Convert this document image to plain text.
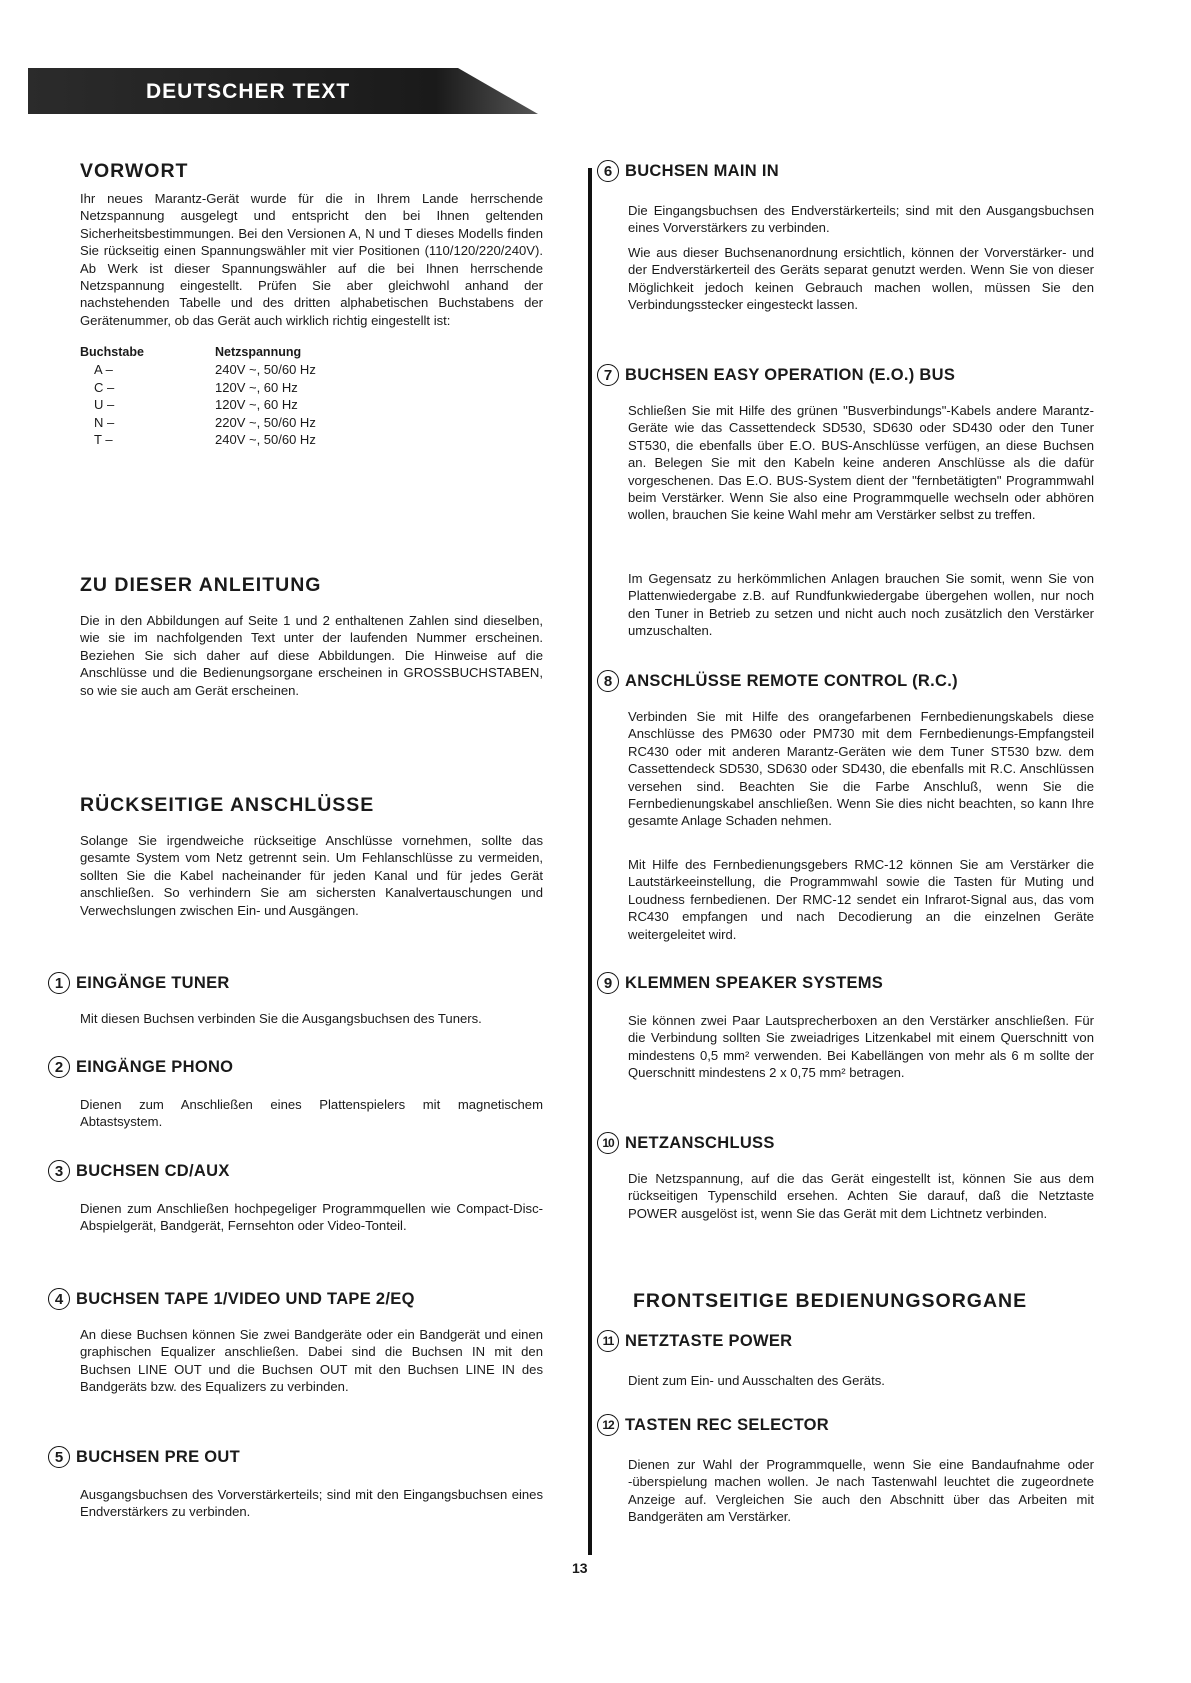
DEUTSCHER TEXT
VORWORT

Ihr neues Marantz-Gerät wurde für die in Ihrem Lande herrschende Netzspannung ausgelegt und entspricht den bei Ihnen geltenden Sicherheitsbestimmungen. Bei den Versionen A, N und T dieses Modells finden Sie rückseitig einen Spannungswähler mit vier Positionen (110/120/220/240V). Ab Werk ist dieser Spannungswähler auf die bei Ihnen herrschende Netzspannung eingestellt. Prüfen Sie aber gleichwohl anhand der nachstehenden Tabelle und des dritten alphabetischen Buchstabens der Gerätenummer, ob das Gerät auch wirklich richtig eingestellt ist:

Buchstabe	Netzspannung
A –	240V ~, 50/60 Hz
C –	120V ~, 60 Hz
U –	120V ~, 60 Hz
N –	220V ~, 50/60 Hz
T –	240V ~, 50/60 Hz
ZU DIESER ANLEITUNG

Die in den Abbildungen auf Seite 1 und 2 enthaltenen Zahlen sind dieselben, wie sie im nachfolgenden Text unter der laufenden Nummer erscheinen. Beziehen Sie sich daher auf diese Abbildungen. Die Hinweise auf die Anschlüsse und die Bedienungsorgane erscheinen in GROSSBUCHSTABEN, so wie sie auch am Gerät erscheinen.

RÜCKSEITIGE ANSCHLÜSSE

Solange Sie irgendweiche rückseitige Anschlüsse vornehmen, sollte das gesamte System vom Netz getrennt sein. Um Fehlanschlüsse zu vermeiden, sollten Sie die Kabel nacheinander für jeden Kanal und für jedes Gerät anschließen. So verhindern Sie am sichersten Kanalvertauschungen und Verwechslungen zwischen Ein- und Ausgängen.

1 EINGÄNGE TUNER

Mit diesen Buchsen verbinden Sie die Ausgangsbuchsen des Tuners.

2 EINGÄNGE PHONO

Dienen zum Anschließen eines Plattenspielers mit magnetischem Abtastsystem.

3 BUCHSEN CD/AUX

Dienen zum Anschließen hochpegeliger Programmquellen wie Compact-Disc-Abspielgerät, Bandgerät, Fernsehton oder Video-Tonteil.

4 BUCHSEN TAPE 1/VIDEO UND TAPE 2/EQ

An diese Buchsen können Sie zwei Bandgeräte oder ein Bandgerät und einen graphischen Equalizer anschließen. Dabei sind die Buchsen IN mit den Buchsen LINE OUT und die Buchsen OUT mit den Buchsen LINE IN des Bandgeräts bzw. des Equalizers zu verbinden.

5 BUCHSEN PRE OUT

Ausgangsbuchsen des Vorverstärkerteils; sind mit den Eingangsbuchsen eines Endverstärkers zu verbinden.

6 BUCHSEN MAIN IN

Die Eingangsbuchsen des Endverstärkerteils; sind mit den Ausgangsbuchsen eines Vorverstärkers zu verbinden.

Wie aus dieser Buchsenanordnung ersichtlich, können der Vorverstärker- und der Endverstärkerteil des Geräts separat genutzt werden. Wenn Sie von dieser Möglichkeit jedoch keinen Gebrauch machen wollen, müssen Sie den Verbindungsstecker eingesteckt lassen.

7 BUCHSEN EASY OPERATION (E.O.) BUS

Schließen Sie mit Hilfe des grünen "Busverbindungs"-Kabels andere Marantz-Geräte wie das Cassettendeck SD530, SD630 oder SD430 oder den Tuner ST530, die ebenfalls über E.O. BUS-Anschlüsse verfügen, an diese Buchsen an. Belegen Sie mit den Kabeln keine anderen Anschlüsse als die dafür vorgeschenen. Das E.O. BUS-System dient der "fernbetätigten" Programmwahl beim Verstärker. Wenn Sie also eine Programmquelle wechseln oder abhören wollen, brauchen Sie keine Wahl mehr am Verstärker selbst zu treffen.

Im Gegensatz zu herkömmlichen Anlagen brauchen Sie somit, wenn Sie von Plattenwiedergabe z.B. auf Rundfunkwiedergabe übergehen wollen, nur noch den Tuner in Betrieb zu setzen und nicht auch noch zusätzlich den Verstärker umzuschalten.

8 ANSCHLÜSSE REMOTE CONTROL (R.C.)

Verbinden Sie mit Hilfe des orangefarbenen Fernbedienungskabels diese Anschlüsse des PM630 oder PM730 mit dem Fernbedienungs-Empfangsteil RC430 oder mit anderen Marantz-Geräten wie dem Tuner ST530 bzw. dem Cassettendeck SD530, SD630 oder SD430, die ebenfalls mit R.C. Anschlüssen versehen sind. Beachten Sie die Farbe Anschluß, wenn Sie die Fernbedienungskabel anschließen. Wenn Sie dies nicht beachten, so kann Ihre gesamte Anlage Schaden nehmen.

Mit Hilfe des Fernbedienungsgebers RMC-12 können Sie am Verstärker die Lautstärkeeinstellung, die Programmwahl sowie die Tasten für Muting und Loudness fernbedienen. Der RMC-12 sendet ein Infrarot-Signal aus, das vom RC430 empfangen und nach Decodierung an die einzelnen Geräte weitergeleitet wird.

9 KLEMMEN SPEAKER SYSTEMS

Sie können zwei Paar Lautsprecherboxen an den Verstärker anschließen. Für die Verbindung sollten Sie zweiadriges Litzenkabel mit einem Querschnitt von mindestens 0,5 mm² verwenden. Bei Kabellängen von mehr als 6 m sollte der Querschnitt mindestens 2 x 0,75 mm² betragen.

10 NETZANSCHLUSS

Die Netzspannung, auf die das Gerät eingestellt ist, können Sie aus dem rückseitigen Typenschild ersehen. Achten Sie darauf, daß die Netztaste POWER ausgelöst ist, wenn Sie das Gerät mit dem Lichtnetz verbinden.

FRONTSEITIGE BEDIENUNGSORGANE
11 NETZTASTE POWER

Dient zum Ein- und Ausschalten des Geräts.

12 TASTEN REC SELECTOR

Dienen zur Wahl der Programmquelle, wenn Sie eine Bandaufnahme oder -überspielung machen wollen. Je nach Tastenwahl leuchtet die zugeordnete Anzeige auf. Vergleichen Sie auch den Abschnitt über das Arbeiten mit Bandgeräten am Verstärker.

13
